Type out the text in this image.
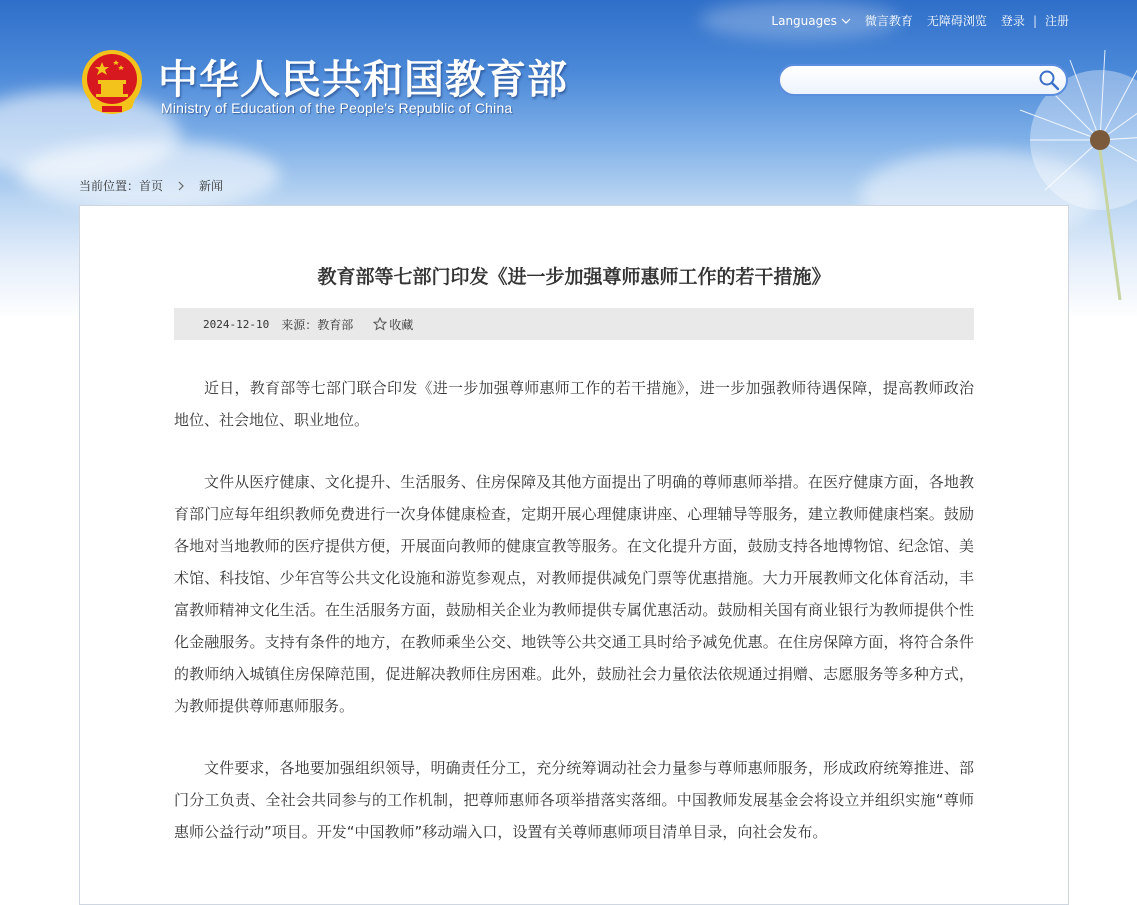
Languages 微言教育 无障碍浏览 登录 | 注册
中华人民共和国教育部
Ministry of Education of the People's Republic of China
当前位置： 首页	新闻
教育部等七部门印发《进一步加强尊师惠师工作的若干措施》
2024-12-10 来源：教育部	收藏

近日，教育部等七部门联合印发《进一步加强尊师惠师工作的若干措施》，进一步加强教师待遇保障，提高教师政治地位、社会地位、职业地位。

文件从医疗健康、文化提升、生活服务、住房保障及其他方面提出了明确的尊师惠师举措。在医疗健康方面，各地教育部门应每年组织教师免费进行一次身体健康检查，定期开展心理健康讲座、心理辅导等服务，建立教师健康档案。鼓励各地对当地教师的医疗提供方便，开展面向教师的健康宣教等服务。在文化提升方面，鼓励支持各地博物馆、纪念馆、美术馆、科技馆、少年宫等公共文化设施和游览参观点，对教师提供减免门票等优惠措施。大力开展教师文化体育活动，丰富教师精神文化生活。在生活服务方面，鼓励相关企业为教师提供专属优惠活动。鼓励相关国有商业银行为教师提供个性化金融服务。支持有条件的地方，在教师乘坐公交、地铁等公共交通工具时给予减免优惠。在住房保障方面，将符合条件的教师纳入城镇住房保障范围，促进解决教师住房困难。此外，鼓励社会力量依法依规通过捐赠、志愿服务等多种方式，为教师提供尊师惠师服务。

文件要求，各地要加强组织领导，明确责任分工，充分统筹调动社会力量参与尊师惠师服务，形成政府统筹推进、部门分工负责、全社会共同参与的工作机制，把尊师惠师各项举措落实落细。中国教师发展基金会将设立并组织实施“尊师惠师公益行动”项目。开发“中国教师”移动端入口，设置有关尊师惠师项目清单目录，向社会发布。
